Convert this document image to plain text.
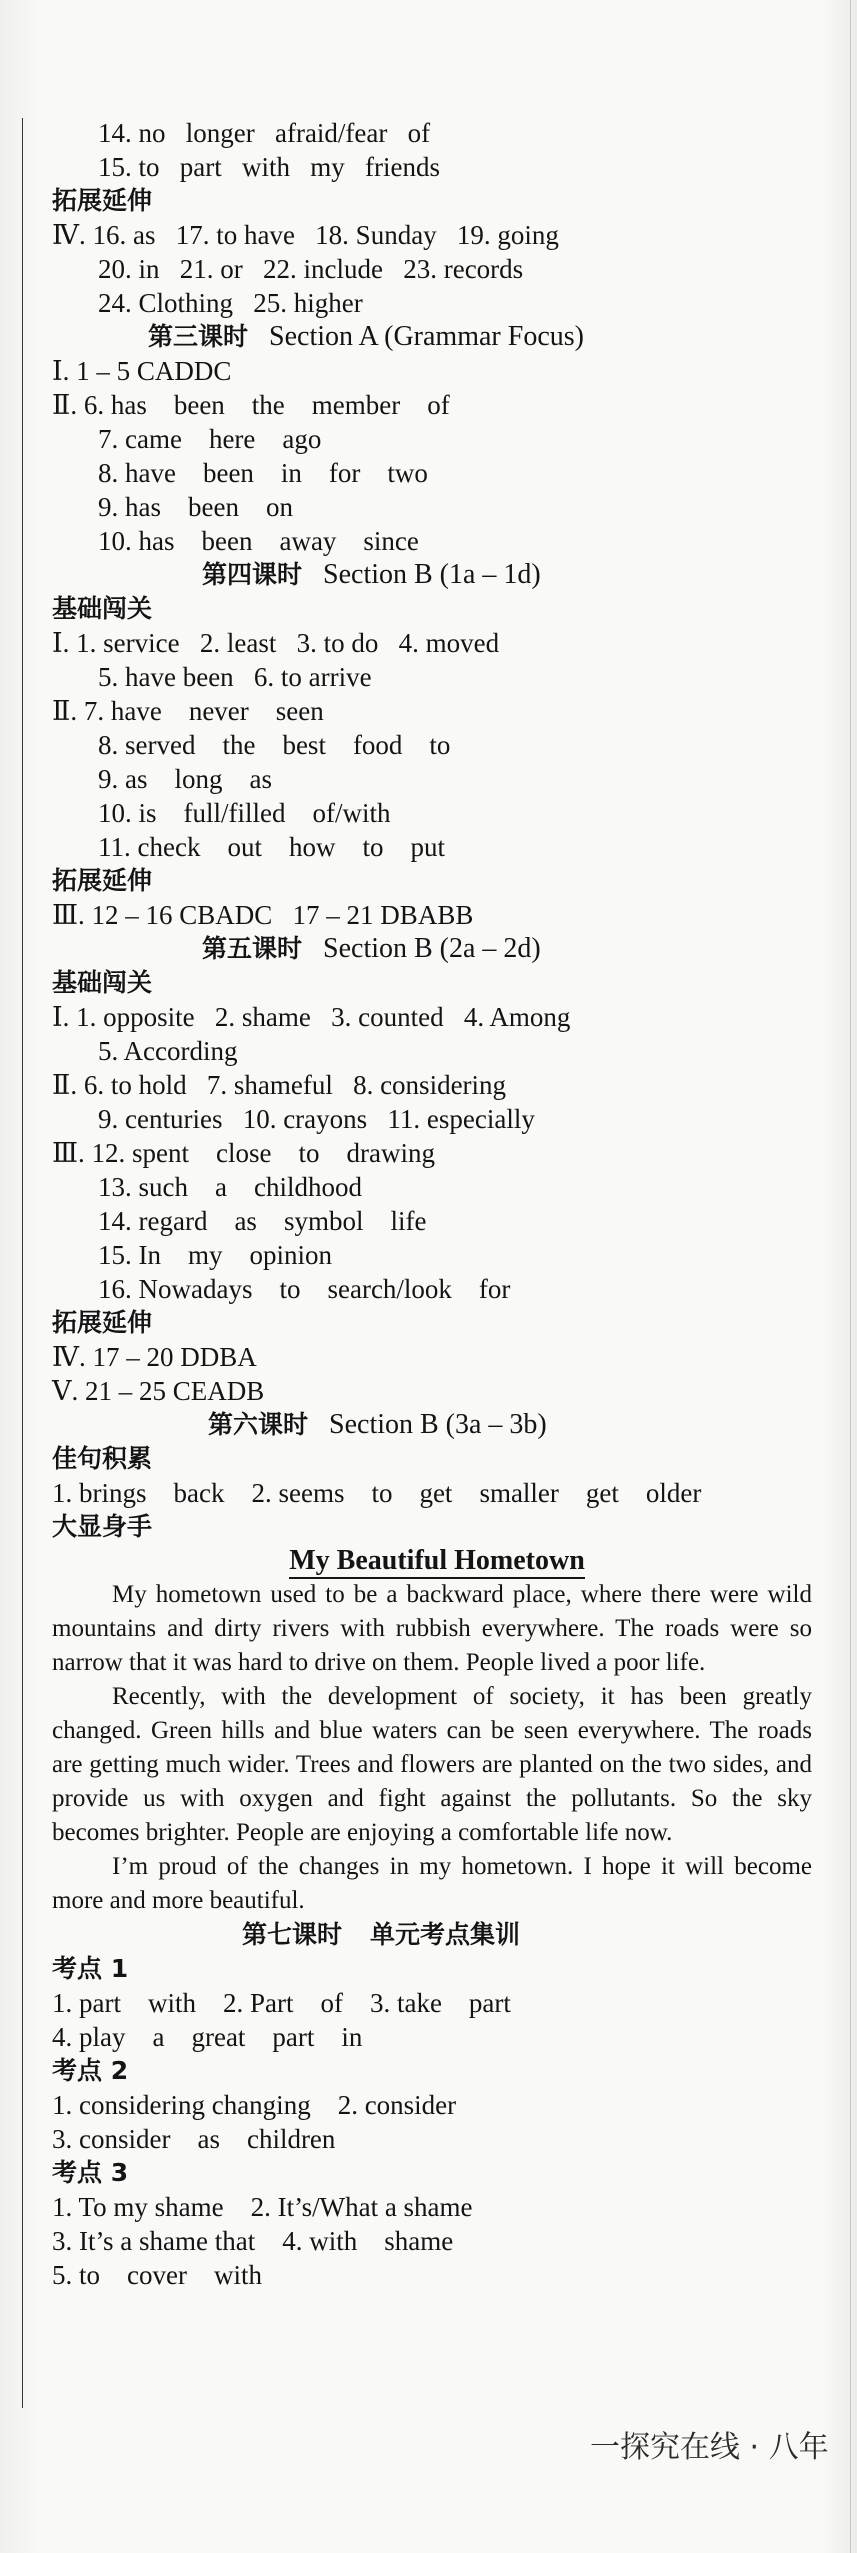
14. no   longer   afraid/fear   of

15. to   part   with   my   friends

拓展延伸

Ⅳ. 16. as   17. to have   18. Sunday   19. going

20. in   21. or   22. include   23. records

24. Clothing   25. higher

第三课时 Section A (Grammar Focus)

Ⅰ. 1 – 5 CADDC

Ⅱ. 6. has    been    the    member    of

7. came    here    ago

8. have    been    in    for    two

9. has    been    on

10. has    been    away    since

第四课时 Section B (1a – 1d)

基础闯关

Ⅰ. 1. service   2. least   3. to do   4. moved

5. have been   6. to arrive

Ⅱ. 7. have    never    seen

8. served    the    best    food    to

9. as    long    as

10. is    full/filled    of/with

11. check    out    how    to    put

拓展延伸

Ⅲ. 12 – 16 CBADC   17 – 21 DBABB

第五课时 Section B (2a – 2d)

基础闯关

Ⅰ. 1. opposite   2. shame   3. counted   4. Among

5. According

Ⅱ. 6. to hold   7. shameful   8. considering

9. centuries   10. crayons   11. especially

Ⅲ. 12. spent    close    to    drawing

13. such    a    childhood

14. regard    as    symbol    life

15. In    my    opinion

16. Nowadays    to    search/look    for

拓展延伸

Ⅳ. 17 – 20 DDBA

Ⅴ. 21 – 25 CEADB

第六课时 Section B (3a – 3b)

佳句积累

1. brings    back    2. seems    to    get    smaller    get    older

大显身手

My Beautiful Hometown

My hometown used to be a backward place, where there were wild mountains and dirty rivers with rubbish everywhere. The roads were so narrow that it was hard to drive on them. People lived a poor life.

Recently, with the development of society, it has been greatly changed. Green hills and blue waters can be seen everywhere. The roads are getting much wider. Trees and flowers are planted on the two sides, and provide us with oxygen and fight against the pollutants. So the sky becomes brighter. People are enjoying a comfortable life now.

I’m proud of the changes in my hometown. I hope it will become more and more beautiful.

第七课时 单元考点集训

考点 1

1. part    with    2. Part    of    3. take    part

4. play    a    great    part    in

考点 2

1. considering changing    2. consider

3. consider    as    children

考点 3

1. To my shame    2. It’s/What a shame

3. It’s a shame that    4. with    shame

5. to    cover    with

一探究在线 · 八年
